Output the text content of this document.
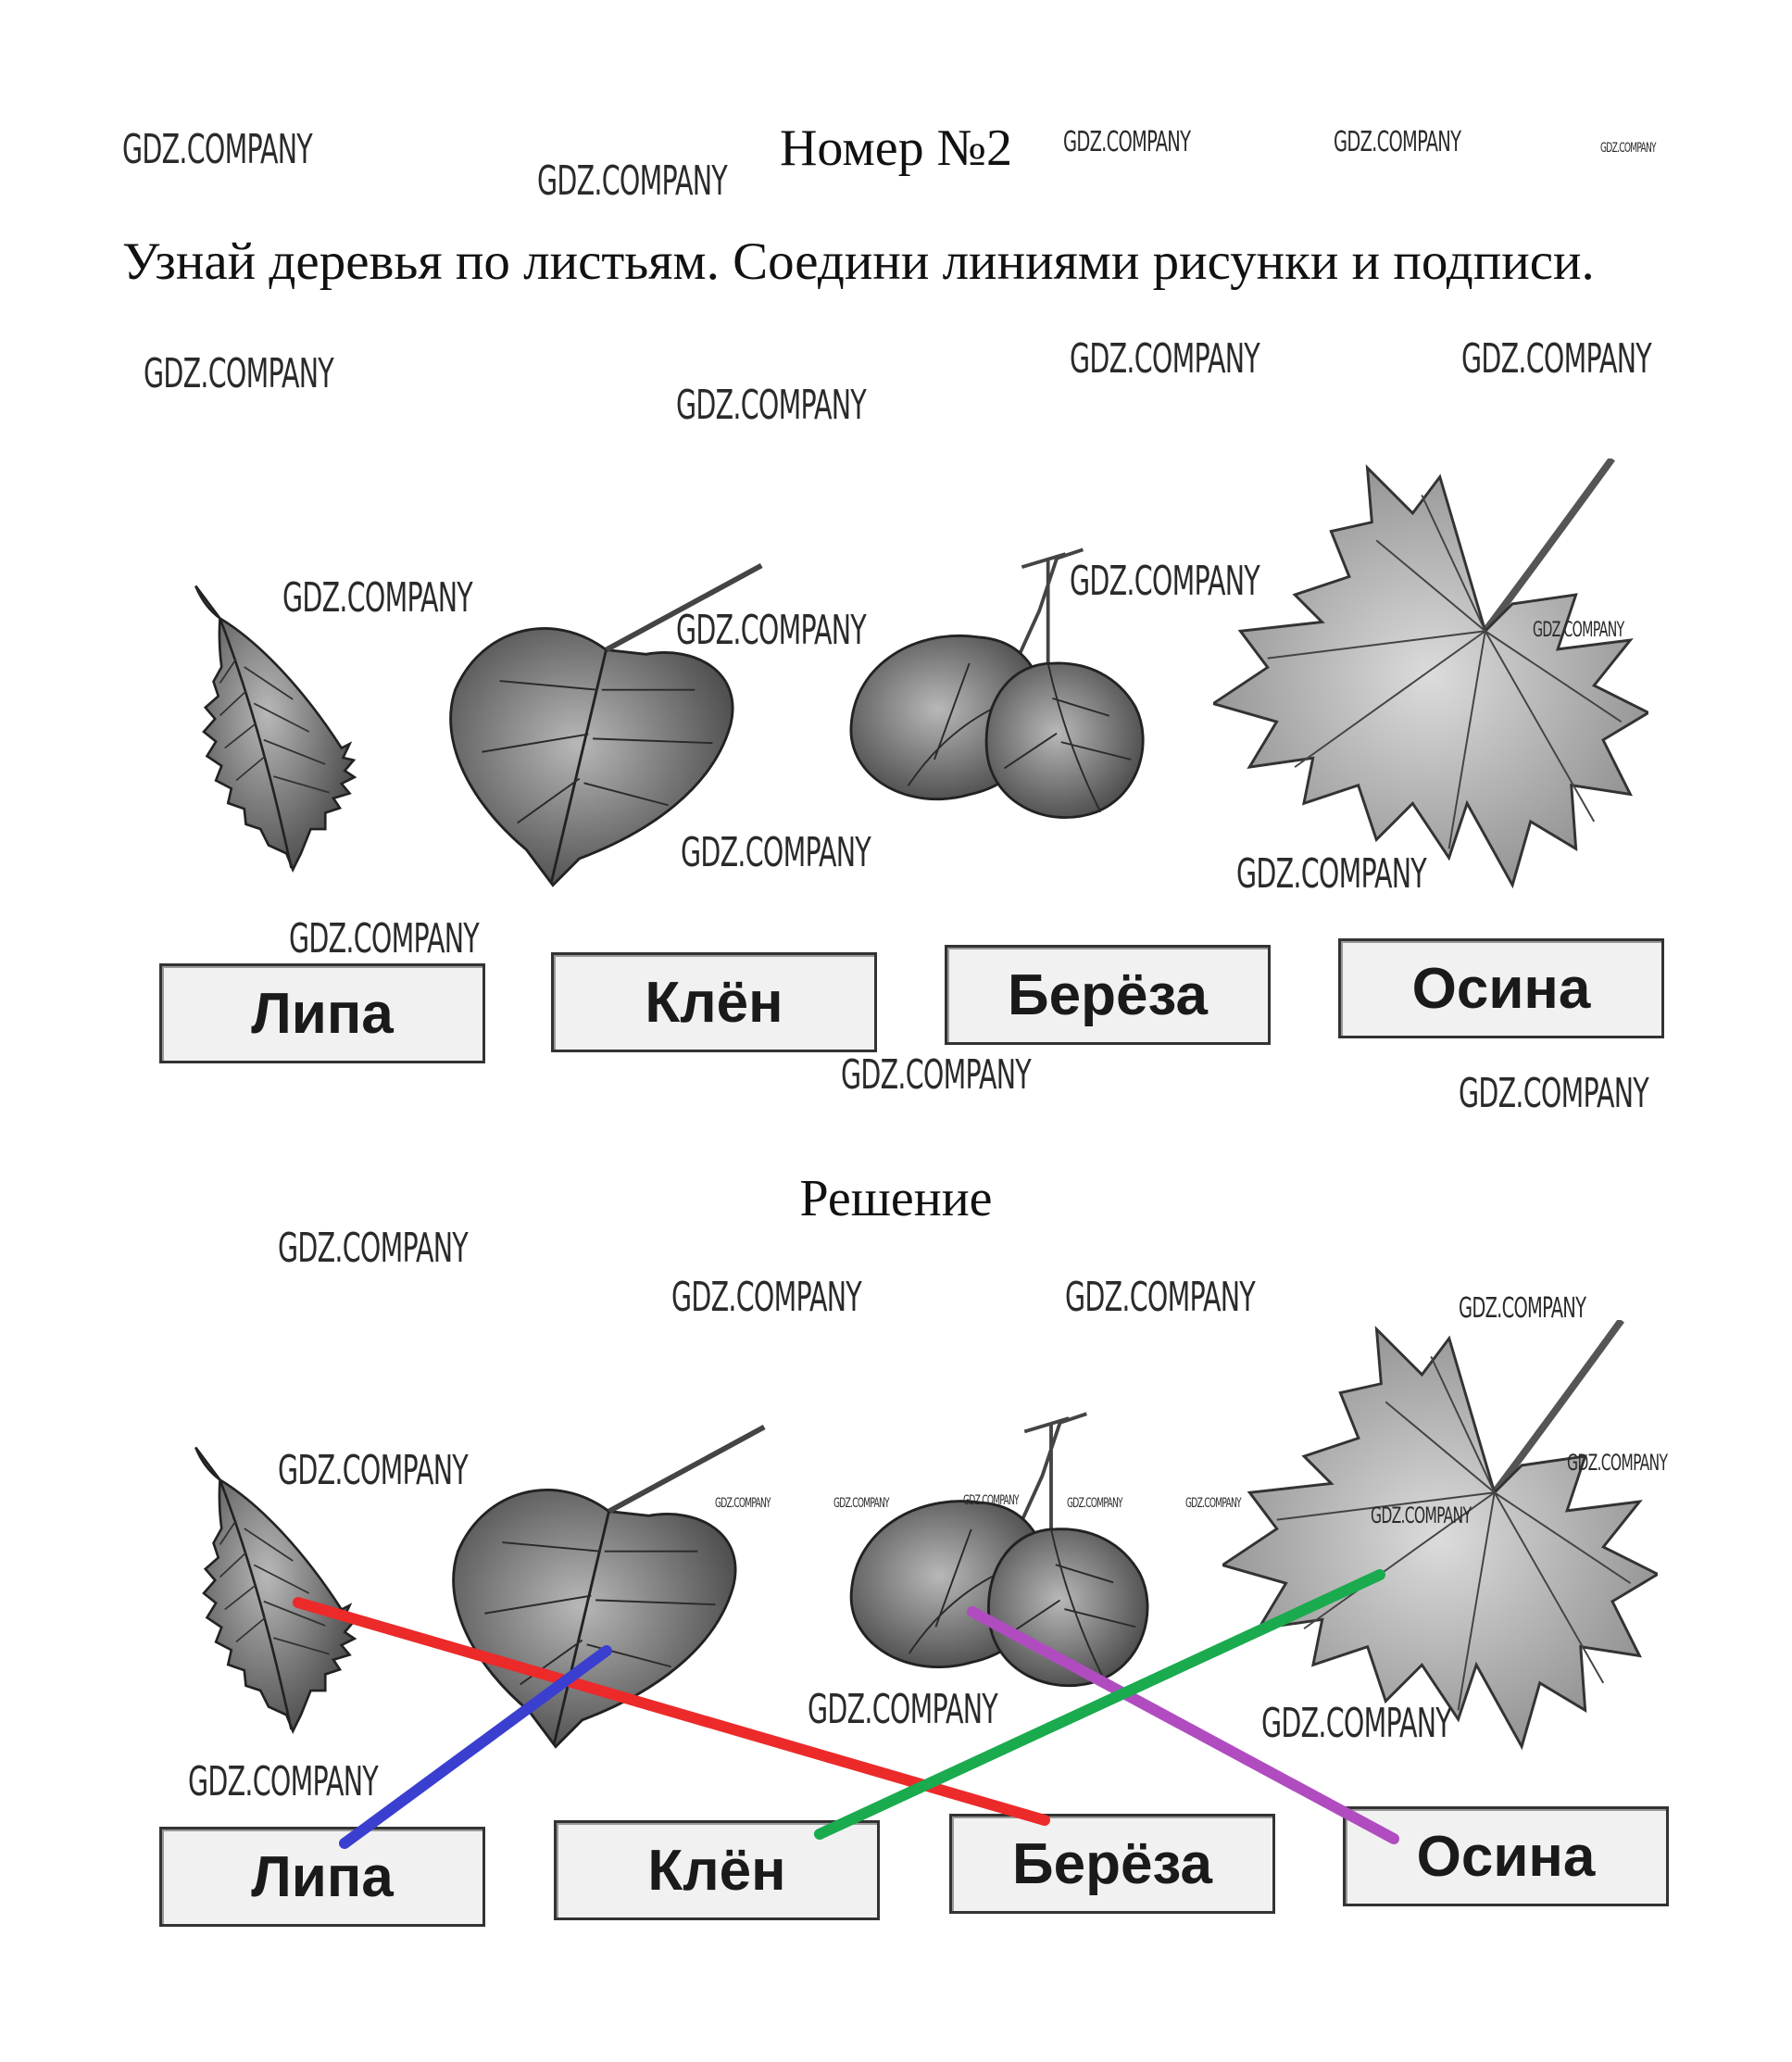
Номер №2
Узнай деревья по листьям. Соедини линиями рисунки и подписи.
Липа	Клён	Берёза	Осина
Решение
Липа	Клён	Берёза	Осина
GDZ.COMPANY
GDZ.COMPANY
GDZ.COMPANY	GDZ.COMPANY	GDZ.COMPANY
GDZ.COMPANY
GDZ.COMPANY
GDZ.COMPANY	GDZ.COMPANY
GDZ.COMPANY
GDZ.COMPANY
GDZ.COMPANY
GDZ.COMPANY	GDZ.COMPANY
GDZ.COMPANY
GDZ.COMPANY	GDZ.COMPANY
GDZ.COMPANY
GDZ.COMPANY
GDZ.COMPANY	GDZ.COMPANY	GDZ.COMPANY
GDZ.COMPANY
GDZ.COMPANY	GDZ.COMPANY	GDZ.COMPANY	GDZ.COMPANY	GDZ.COMPANY
GDZ.COMPANY
GDZ.COMPANY
GDZ.COMPANY	GDZ.COMPANY
GDZ.COMPANY
